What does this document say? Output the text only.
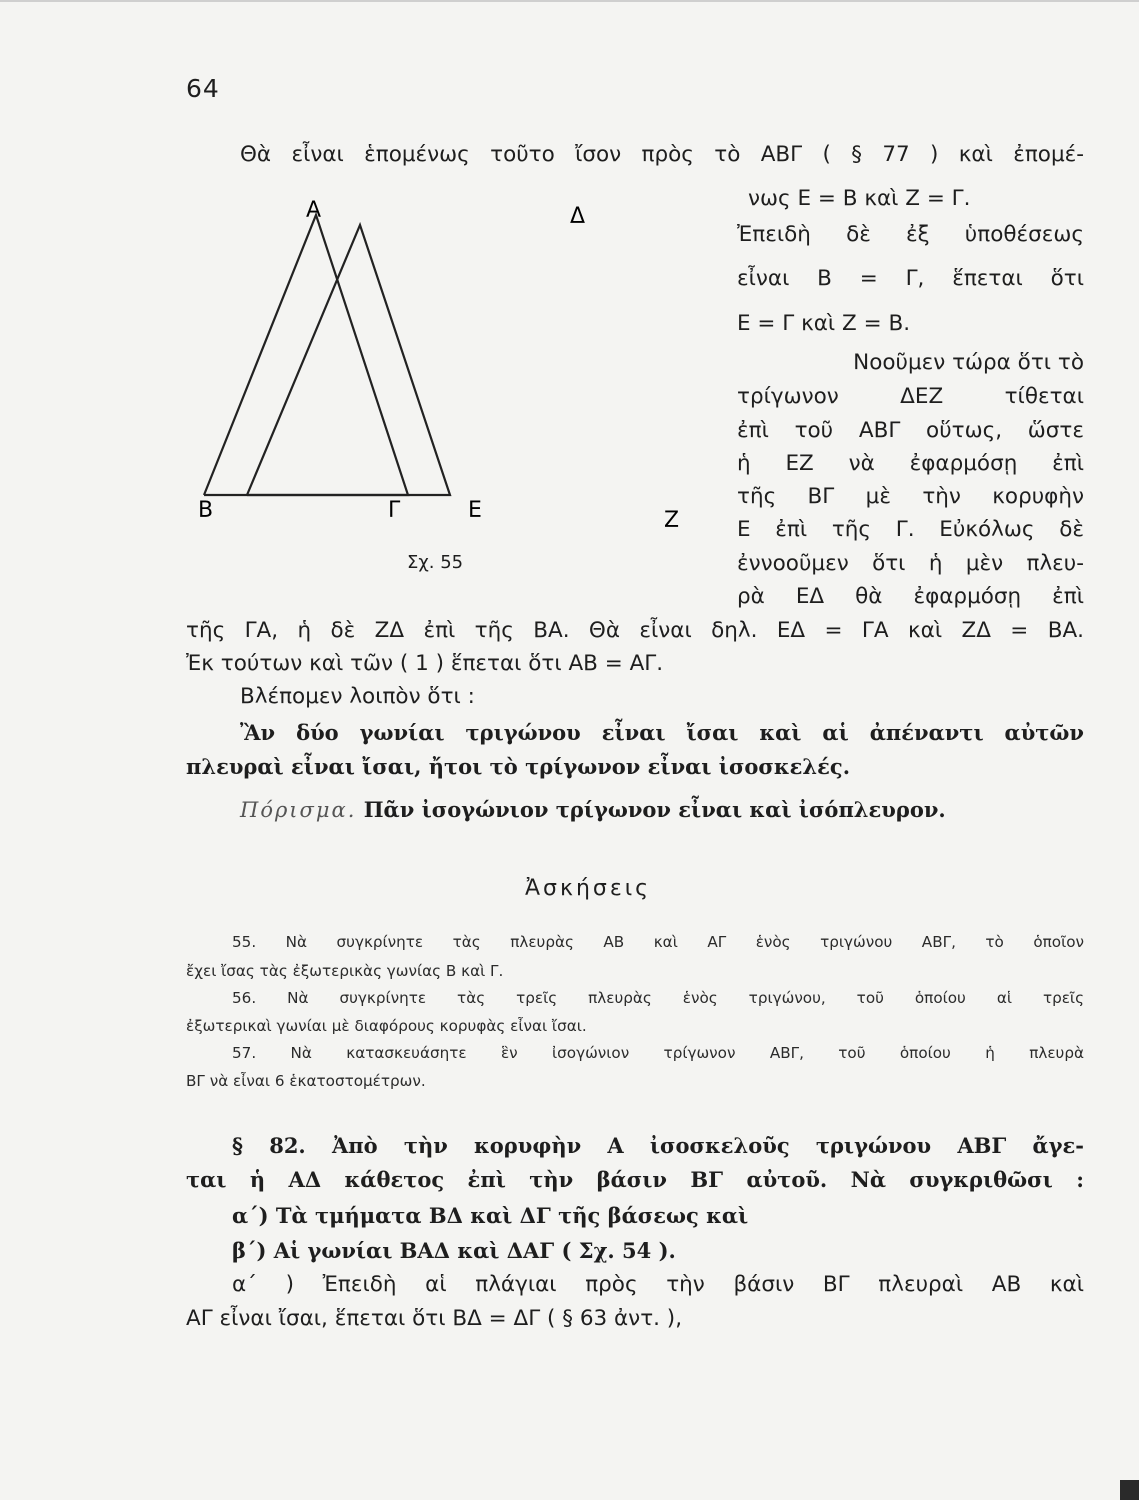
64
Α
Β	Γ
Δ
Ε	Ζ
Σχ. 55
Θὰ εἶναι ἑπομένως τοῦτο ἴσον πρὸς τὸ ΑΒΓ ( § 77 ) καὶ ἐπομέ-
νως Ε = Β καὶ Ζ = Γ.
Ἐπειδὴ δὲ ἐξ ὑποθέσεως
εἶναι Β = Γ, ἕπεται ὅτι
Ε = Γ καὶ Ζ = Β.
Νοοῦμεν τώρα ὅτι τὸ
τρίγωνον ΔΕΖ τίθεται
ἐπὶ τοῦ ΑΒΓ οὕτως, ὥστε
ἡ ΕΖ νὰ ἐφαρμόσῃ ἐπὶ
τῆς ΒΓ μὲ τὴν κορυφὴν
Ε ἐπὶ τῆς Γ. Εὐκόλως δὲ
ἐννοοῦμεν ὅτι ἡ μὲν πλευ-
ρὰ ΕΔ θὰ ἐφαρμόσῃ ἐπὶ
τῆς ΓΑ, ἡ δὲ ΖΔ ἐπὶ τῆς ΒΑ. Θὰ εἶναι δηλ. ΕΔ = ΓΑ καὶ ΖΔ = ΒΑ.
Ἐκ τούτων καὶ τῶν ( 1 ) ἕπεται ὅτι ΑΒ = ΑΓ.
Βλέπομεν λοιπὸν ὅτι :
Ἂν δύο γωνίαι τριγώνου εἶναι ἴσαι καὶ αἱ ἀπέναντι αὐτῶν
πλευραὶ εἶναι ἴσαι, ἤτοι τὸ τρίγωνον εἶναι ἰσοσκελές.
Πόρισμα. Πᾶν ἰσογώνιον τρίγωνον εἶναι καὶ ἰσόπλευρον.
Ἀσκήσεις
55. Νὰ συγκρίνητε τὰς πλευρὰς ΑΒ καὶ ΑΓ ἑνὸς τριγώνου ΑΒΓ, τὸ ὁποῖον
ἔχει ἴσας τὰς ἐξωτερικὰς γωνίας Β καὶ Γ.
56. Νὰ συγκρίνητε τὰς τρεῖς πλευρὰς ἑνὸς τριγώνου, τοῦ ὁποίου αἱ τρεῖς
ἐξωτερικαὶ γωνίαι μὲ διαφόρους κορυφὰς εἶναι ἴσαι.
57. Νὰ κατασκευάσητε ἓν ἰσογώνιον τρίγωνον ΑΒΓ, τοῦ ὁποίου ἡ πλευρὰ
ΒΓ νὰ εἶναι 6 ἑκατοστομέτρων.
§ 82. Ἀπὸ τὴν κορυφὴν Α ἰσοσκελοῦς τριγώνου ΑΒΓ ἄγε-
ται ἡ ΑΔ κάθετος ἐπὶ τὴν βάσιν ΒΓ αὐτοῦ. Νὰ συγκριθῶσι :
α΄) Τὰ τμήματα ΒΔ καὶ ΔΓ τῆς βάσεως καὶ
β΄) Αἱ γωνίαι ΒΑΔ καὶ ΔΑΓ ( Σχ. 54 ).
α΄ ) Ἐπειδὴ αἱ πλάγιαι πρὸς τὴν βάσιν ΒΓ πλευραὶ ΑΒ καὶ
ΑΓ εἶναι ἴσαι, ἕπεται ὅτι ΒΔ = ΔΓ ( § 63 ἀντ. ),
